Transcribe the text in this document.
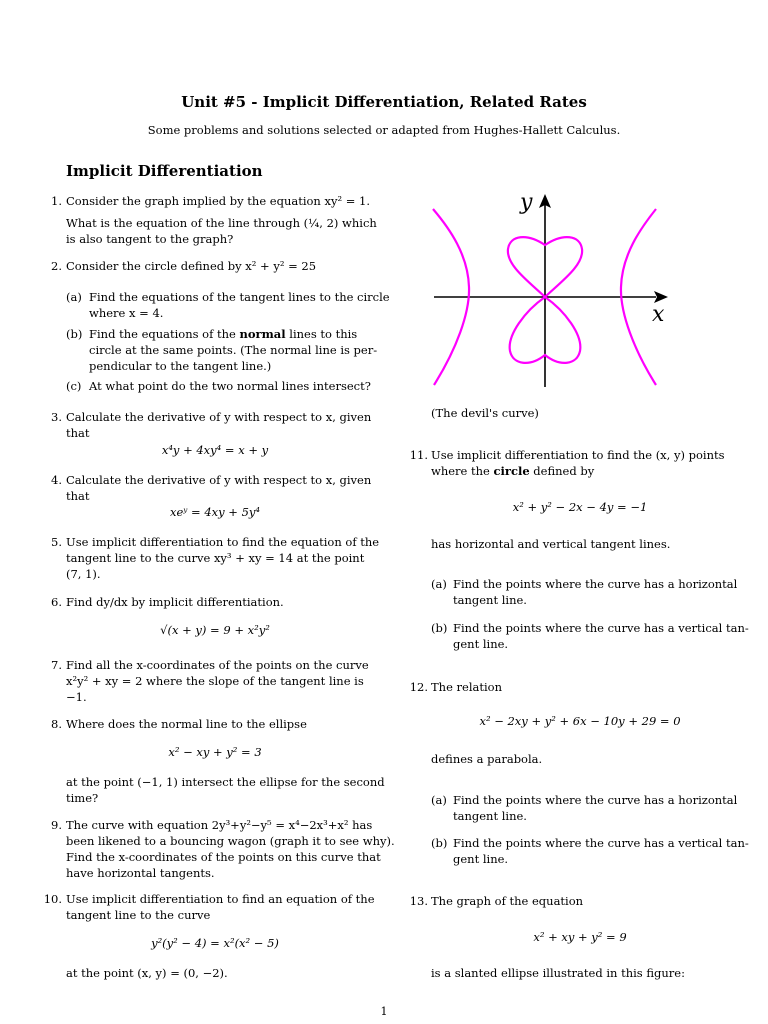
Unit #5 - Implicit Differentiation, Related Rates
Some problems and solutions selected or adapted from Hughes-Hallett Calculus.
Implicit Differentiation
1. Consider the graph implied by the equation xy² = 1.
What is the equation of the line through (¼, 2) which
is also tangent to the graph?
2. Consider the circle defined by x² + y² = 25
(a) Find the equations of the tangent lines to the circle
where x = 4.
(b) Find the equations of the normal lines to this
circle at the same points. (The normal line is per-
pendicular to the tangent line.)
(c) At what point do the two normal lines intersect?
3. Calculate the derivative of y with respect to x, given
that
x⁴y + 4xy⁴ = x + y
4. Calculate the derivative of y with respect to x, given
that
xeʸ = 4xy + 5y⁴
5. Use implicit differentiation to find the equation of the
tangent line to the curve xy³ + xy = 14 at the point
(7, 1).
6. Find dy/dx by implicit differentiation.
√(x + y) = 9 + x²y²
7. Find all the x-coordinates of the points on the curve
x²y² + xy = 2 where the slope of the tangent line is
−1.
8. Where does the normal line to the ellipse
x² − xy + y² = 3
at the point (−1, 1) intersect the ellipse for the second
time?
9. The curve with equation 2y³+y²−y⁵ = x⁴−2x³+x² has
been likened to a bouncing wagon (graph it to see why).
Find the x-coordinates of the points on this curve that
have horizontal tangents.
10. Use implicit differentiation to find an equation of the
tangent line to the curve
y²(y² − 4) = x²(x² − 5)
at the point (x, y) = (0, −2).
y
x
(The devil's curve)
11. Use implicit differentiation to find the (x, y) points
where the circle defined by
x² + y² − 2x − 4y = −1
has horizontal and vertical tangent lines.
(a) Find the points where the curve has a horizontal
tangent line.
(b) Find the points where the curve has a vertical tan-
gent line.
12. The relation
x² − 2xy + y² + 6x − 10y + 29 = 0
defines a parabola.
(a) Find the points where the curve has a horizontal
tangent line.
(b) Find the points where the curve has a vertical tan-
gent line.
13. The graph of the equation
x² + xy + y² = 9
is a slanted ellipse illustrated in this figure:
1
